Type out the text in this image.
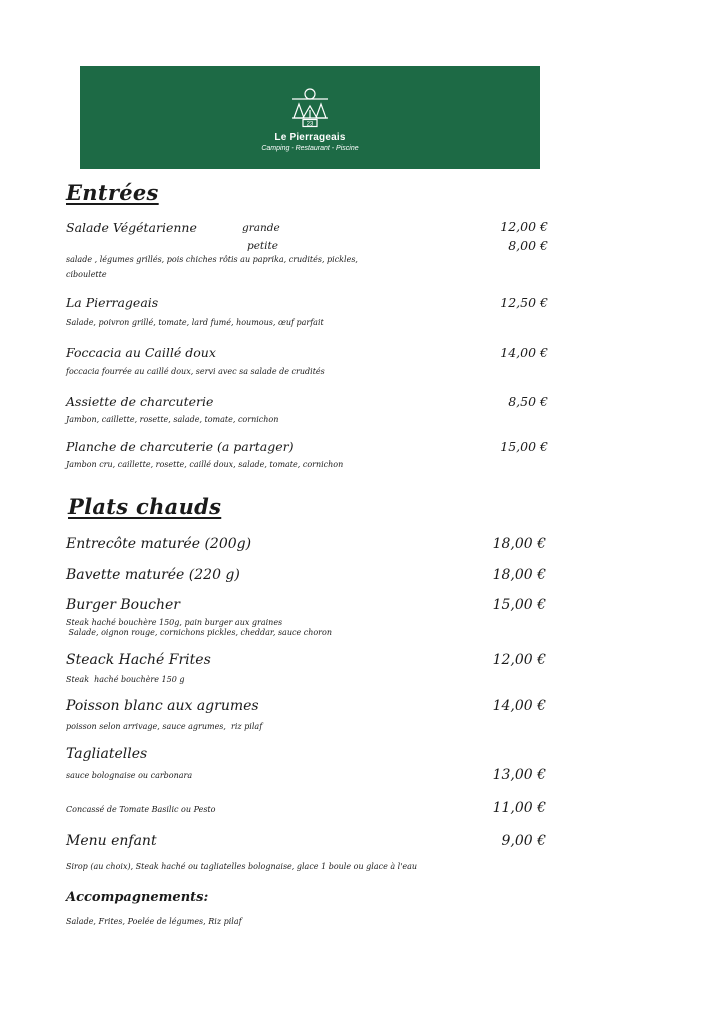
23
Le Pierrageais
Camping - Restaurant - Piscine
Entrées
Salade Végétarienne	grande	12,00 €
petite	8,00 €
salade , légumes grillés, pois chiches rôtis au paprika, crudités, pickles,
ciboulette
La Pierrageais	12,50 €
Salade, poivron grillé, tomate, lard fumé, houmous, œuf parfait
Foccacia au Caillé doux	14,00 €
foccacia fourrée au caillé doux, servi avec sa salade de crudités
Assiette de charcuterie	8,50 €
Jambon, caillette, rosette, salade, tomate, cornichon
Planche de charcuterie (a partager)	15,00 €
Jambon cru, caillette, rosette, caillé doux, salade, tomate, cornichon
Plats chauds
Entrecôte maturée (200g)	18,00 €
Bavette maturée (220 g)	18,00 €
Burger Boucher	15,00 €
Steak haché bouchère 150g, pain burger aux graines
Salade, oignon rouge, cornichons pickles, cheddar, sauce choron
Steack Haché Frites	12,00 €
Steak  haché bouchère 150 g
Poisson blanc aux agrumes	14,00 €
poisson selon arrivage, sauce agrumes,  riz pilaf
Tagliatelles
sauce bolognaise ou carbonara	13,00 €
Concassé de Tomate Basilic ou Pesto	11,00 €
Menu enfant	9,00 €
Sirop (au choix), Steak haché ou tagliatelles bolognaise, glace 1 boule ou glace à l'eau
Accompagnements:
Salade, Frites, Poelée de légumes, Riz pilaf
